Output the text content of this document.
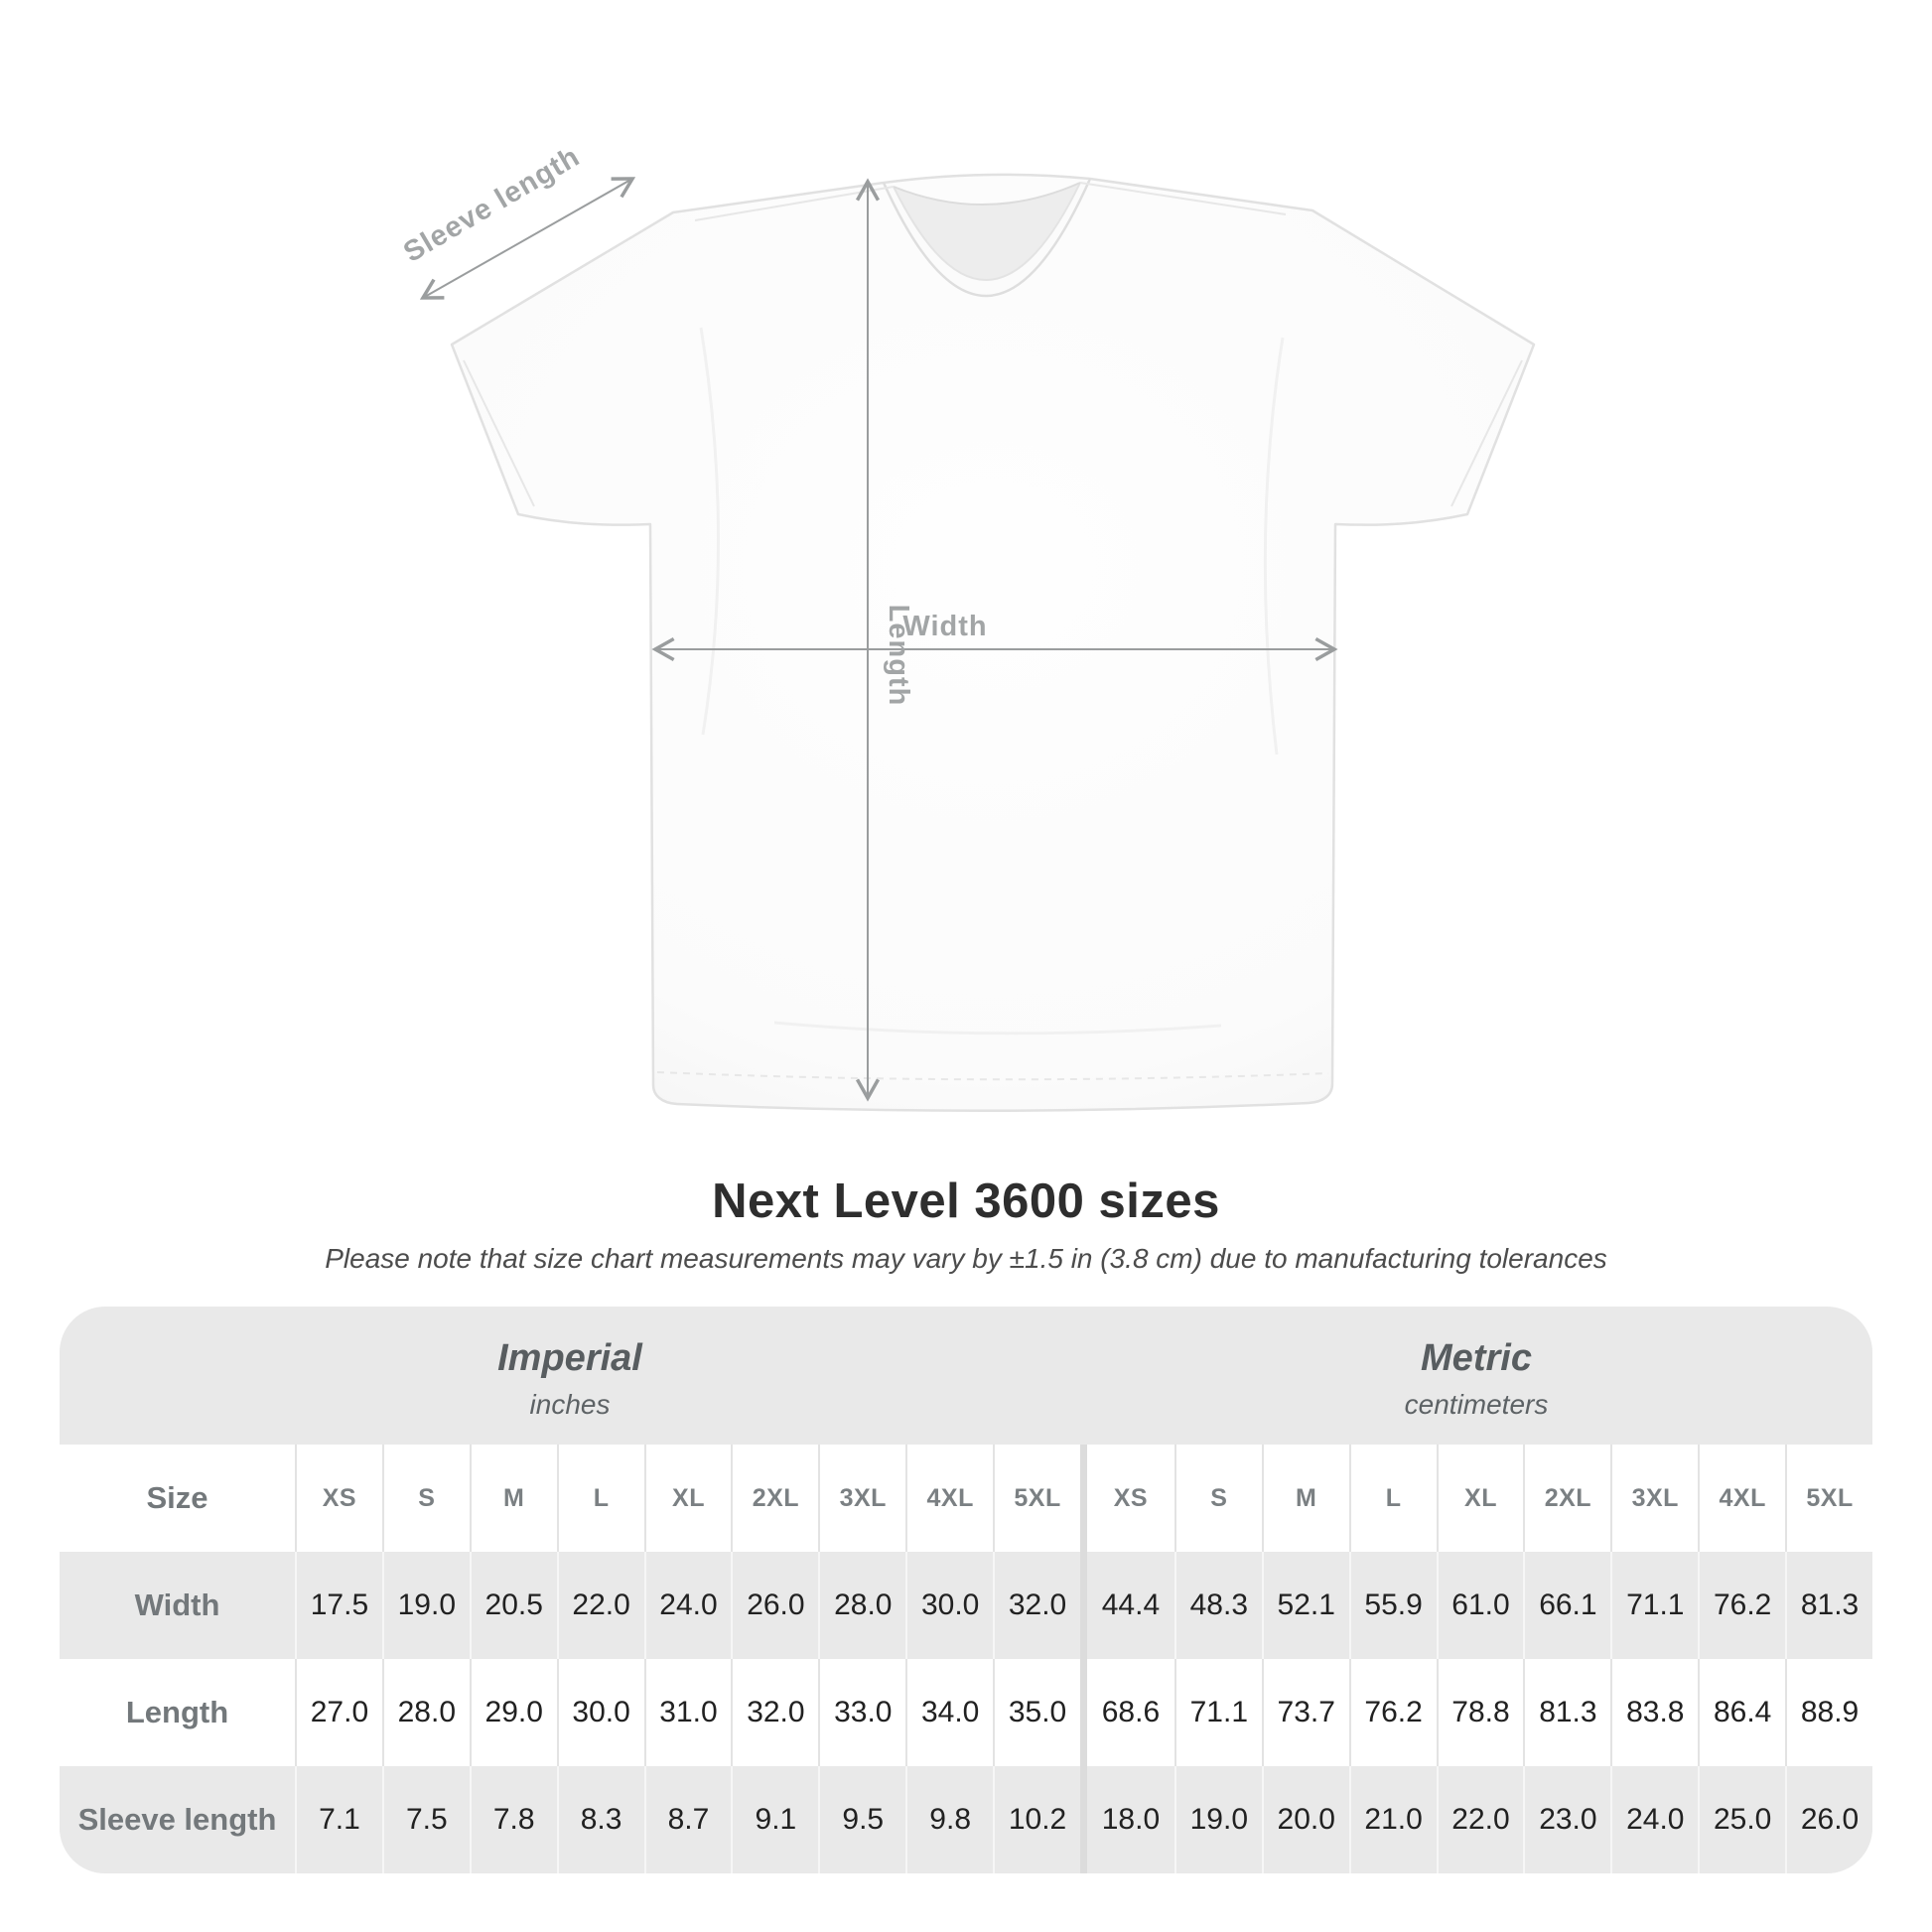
Sleeve length
Length
Width
Next Level 3600 sizes

Please note that size chart measurements may vary by ±1.5 in (3.8 cm) due to manufacturing tolerances

Imperial
inches
Metric
centimeters
Size	XS	S	M	L	XL	2XL	3XL	4XL	5XL	XS	S	M	L	XL	2XL	3XL	4XL	5XL
Width	17.5 19.0 20.5 22.0 24.0 26.0 28.0 30.0 32.0	44.4	48.3 52.1 55.9 61.0 66.1 71.1 76.2 81.3
Length	27.0 28.0 29.0 30.0 31.0 32.0 33.0 34.0 35.0	68.6	71.1 73.7 76.2 78.8 81.3 83.8 86.4 88.9
Sleeve length	7.1	7.5	7.8	8.3	8.7	9.1	9.5	9.8	10.2	18.0	19.0 20.0 21.0 22.0 23.0 24.0 25.0 26.0
